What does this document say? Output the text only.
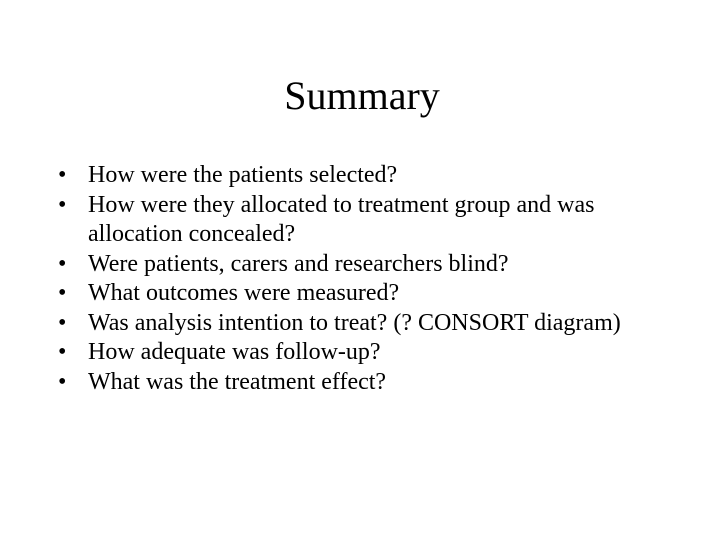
Summary
• How were the patients selected?
• How were they allocated to treatment group and was allocation concealed?
• Were patients, carers and researchers blind?
• What outcomes were measured?
• Was analysis intention to treat? (? CONSORT diagram)
• How adequate was follow-up?
• What was the treatment effect?
